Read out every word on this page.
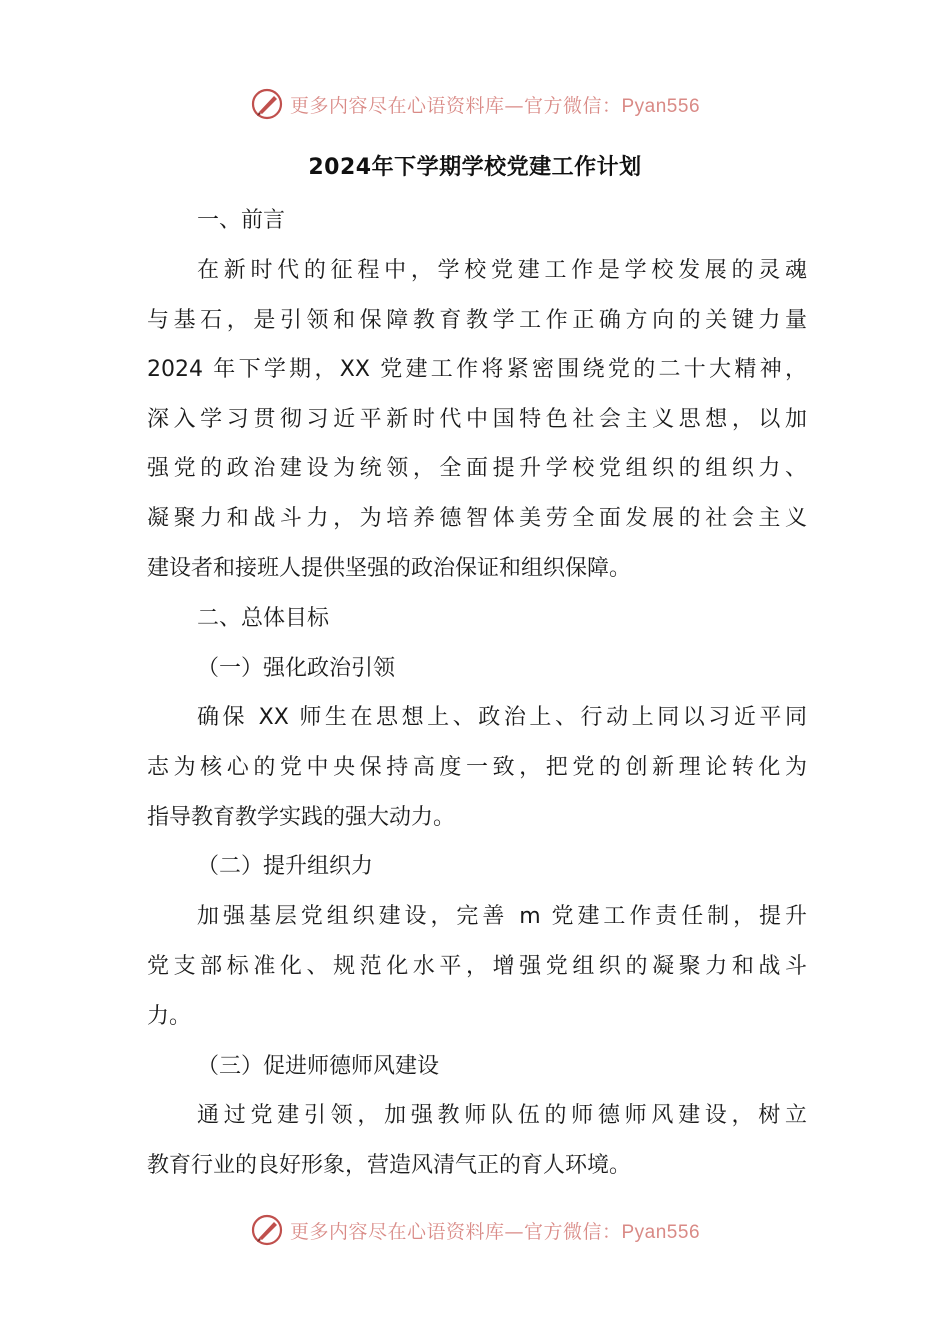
更多内容尽在心语资料库—官方微信：Pyan556
2024年下学期学校党建工作计划
一、前言
在新时代的征程中，学校党建工作是学校发展的灵魂
与基石，是引领和保障教育教学工作正确方向的关键力量
2024 年下学期，XX 党建工作将紧密围绕党的二十大精神，
深入学习贯彻习近平新时代中国特色社会主义思想，以加
强党的政治建设为统领，全面提升学校党组织的组织力、
凝聚力和战斗力，为培养德智体美劳全面发展的社会主义
建设者和接班人提供坚强的政治保证和组织保障。
二、总体目标
（一）强化政治引领
确保 XX 师生在思想上、政治上、行动上同以习近平同
志为核心的党中央保持高度一致，把党的创新理论转化为
指导教育教学实践的强大动力。
（二）提升组织力
加强基层党组织建设，完善 m 党建工作责任制，提升
党支部标准化、规范化水平，增强党组织的凝聚力和战斗
力。
（三）促进师德师风建设
通过党建引领，加强教师队伍的师德师风建设，树立
教育行业的良好形象，营造风清气正的育人环境。
更多内容尽在心语资料库—官方微信：Pyan556
